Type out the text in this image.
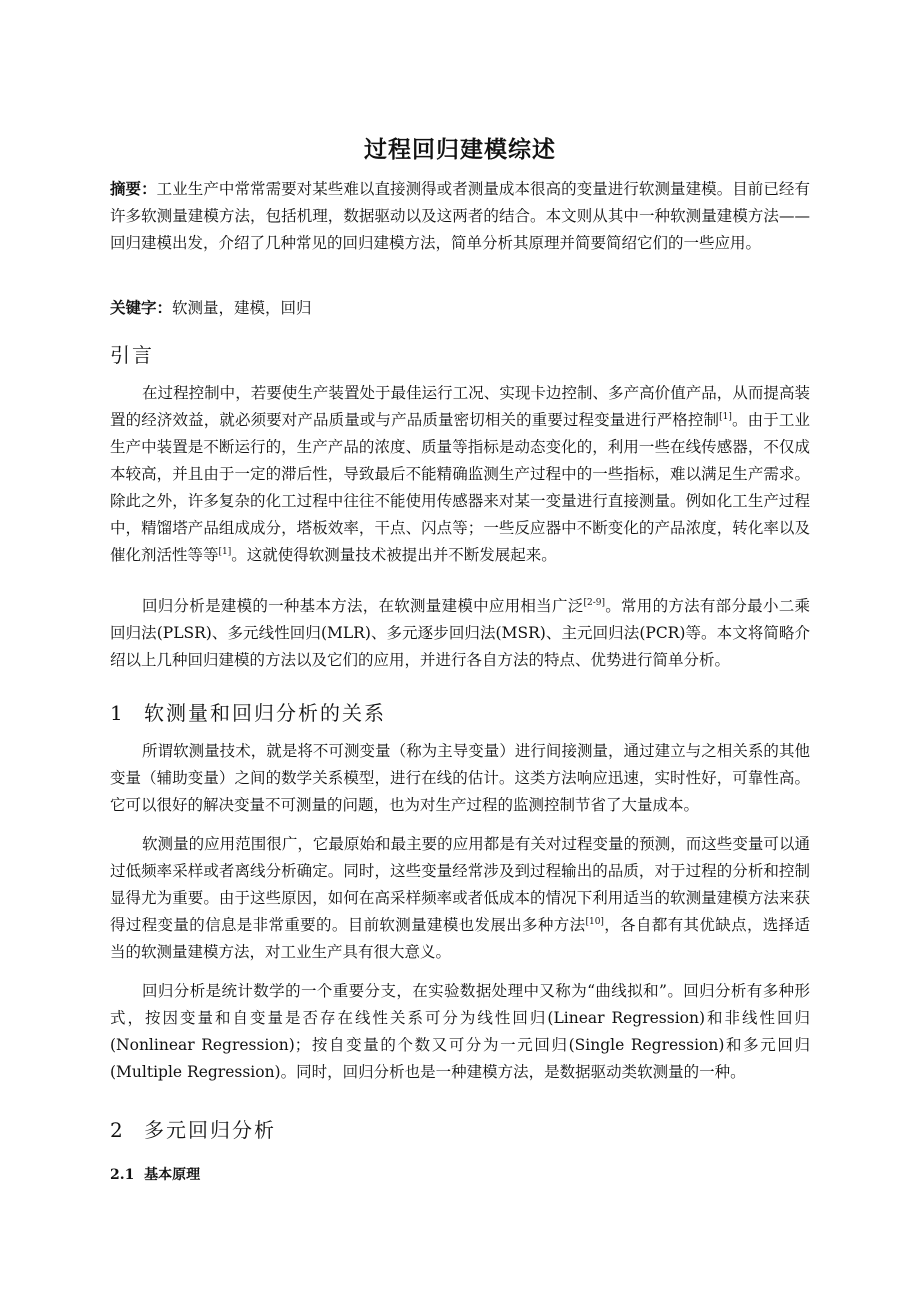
过程回归建模综述
摘要：工业生产中常常需要对某些难以直接测得或者测量成本很高的变量进行软测量建模。目前已经有许多软测量建模方法，包括机理，数据驱动以及这两者的结合。本文则从其中一种软测量建模方法——回归建模出发，介绍了几种常见的回归建模方法，简单分析其原理并简要简绍它们的一些应用。
关键字：软测量，建模，回归
引言
在过程控制中，若要使生产装置处于最佳运行工况、实现卡边控制、多产高价值产品，从而提高装置的经济效益，就必须要对产品质量或与产品质量密切相关的重要过程变量进行严格控制[1]。由于工业生产中装置是不断运行的，生产产品的浓度、质量等指标是动态变化的，利用一些在线传感器，不仅成本较高，并且由于一定的滞后性，导致最后不能精确监测生产过程中的一些指标，难以满足生产需求。除此之外，许多复杂的化工过程中往往不能使用传感器来对某一变量进行直接测量。例如化工生产过程中，精馏塔产品组成成分，塔板效率，干点、闪点等；一些反应器中不断变化的产品浓度，转化率以及催化剂活性等等[1]。这就使得软测量技术被提出并不断发展起来。
回归分析是建模的一种基本方法，在软测量建模中应用相当广泛[2-9]。常用的方法有部分最小二乘回归法(PLSR)、多元线性回归(MLR)、多元逐步回归法(MSR)、主元回归法(PCR)等。本文将简略介绍以上几种回归建模的方法以及它们的应用，并进行各自方法的特点、优势进行简单分析。
1 软测量和回归分析的关系
所谓软测量技术，就是将不可测变量（称为主导变量）进行间接测量，通过建立与之相关系的其他变量（辅助变量）之间的数学关系模型，进行在线的估计。这类方法响应迅速，实时性好，可靠性高。它可以很好的解决变量不可测量的问题，也为对生产过程的监测控制节省了大量成本。
软测量的应用范围很广，它最原始和最主要的应用都是有关对过程变量的预测，而这些变量可以通过低频率采样或者离线分析确定。同时，这些变量经常涉及到过程输出的品质，对于过程的分析和控制显得尤为重要。由于这些原因，如何在高采样频率或者低成本的情况下利用适当的软测量建模方法来获得过程变量的信息是非常重要的。目前软测量建模也发展出多种方法[10]，各自都有其优缺点，选择适当的软测量建模方法，对工业生产具有很大意义。
回归分析是统计数学的一个重要分支，在实验数据处理中又称为“曲线拟和”。回归分析有多种形式，按因变量和自变量是否存在线性关系可分为线性回归(Linear Regression)和非线性回归(Nonlinear Regression)；按自变量的个数又可分为一元回归(Single Regression)和多元回归(Multiple Regression)。同时，回归分析也是一种建模方法，是数据驱动类软测量的一种。
2 多元回归分析
2.1 基本原理
